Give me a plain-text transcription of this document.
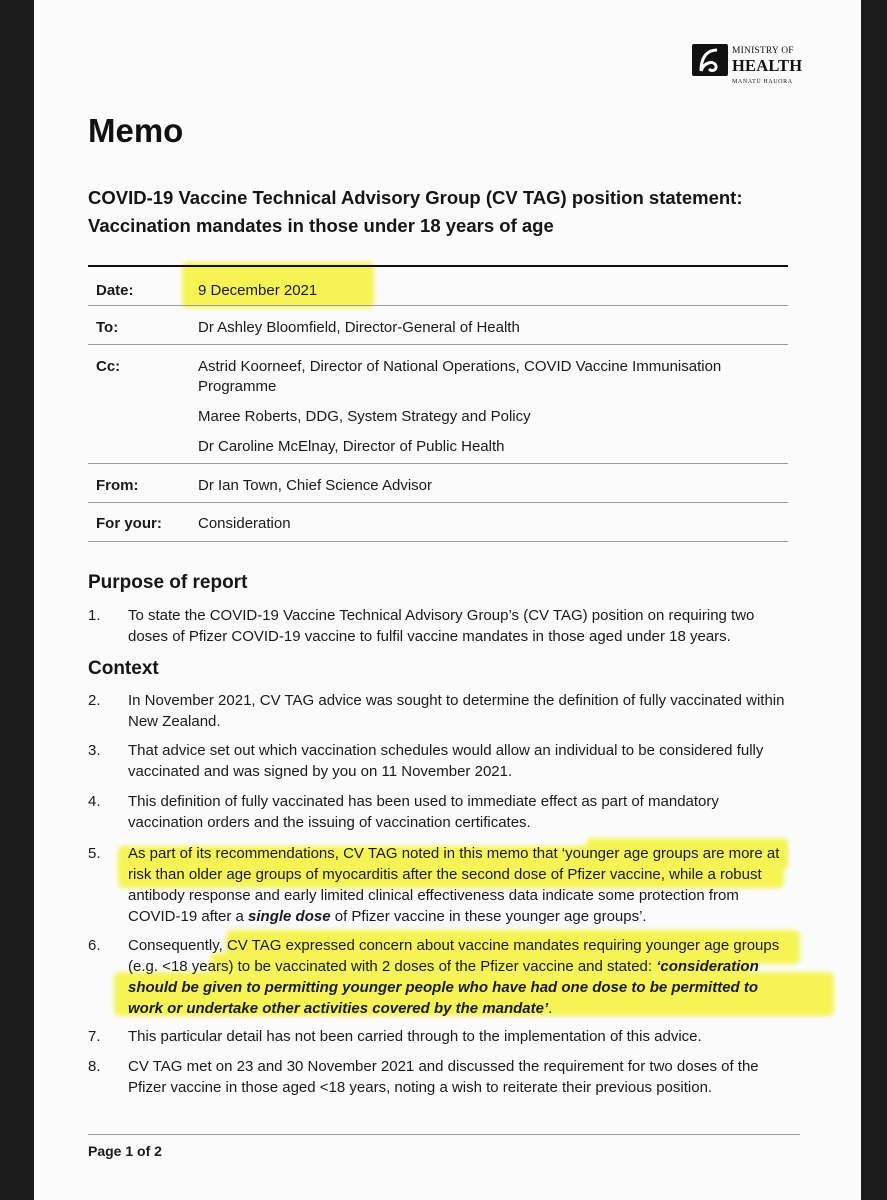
MINISTRY OF
HEALTH
MANATŪ HAUORA
Memo
COVID-19 Vaccine Technical Advisory Group (CV TAG) position statement:
Vaccination mandates in those under 18 years of age
Date:	9 December 2021
To:	Dr Ashley Bloomfield, Director-General of Health
Cc:	Astrid Koorneef, Director of National Operations, COVID Vaccine Immunisation Programme
Maree Roberts, DDG, System Strategy and Policy
Dr Caroline McElnay, Director of Public Health
From:	Dr Ian Town, Chief Science Advisor
For your: Consideration
Purpose of report
1. To state the COVID-19 Vaccine Technical Advisory Group’s (CV TAG) position on requiring two doses of Pfizer COVID-19 vaccine to fulfil vaccine mandates in those aged under 18 years.
Context
2. In November 2021, CV TAG advice was sought to determine the definition of fully vaccinated within New Zealand.
3. That advice set out which vaccination schedules would allow an individual to be considered fully vaccinated and was signed by you on 11 November 2021.
4. This definition of fully vaccinated has been used to immediate effect as part of mandatory vaccination orders and the issuing of vaccination certificates.
5. As part of its recommendations, CV TAG noted in this memo that ‘younger age groups are more at risk than older age groups of myocarditis after the second dose of Pfizer vaccine, while a robust antibody response and early limited clinical effectiveness data indicate some protection from COVID-19 after a single dose of Pfizer vaccine in these younger age groups’.
6. Consequently, CV TAG expressed concern about vaccine mandates requiring younger age groups (e.g. <18 years) to be vaccinated with 2 doses of the Pfizer vaccine and stated: ‘consideration should be given to permitting younger people who have had one dose to be permitted to work or undertake other activities covered by the mandate’.
7. This particular detail has not been carried through to the implementation of this advice.
8. CV TAG met on 23 and 30 November 2021 and discussed the requirement for two doses of the Pfizer vaccine in those aged <18 years, noting a wish to reiterate their previous position.
Page 1 of 2
